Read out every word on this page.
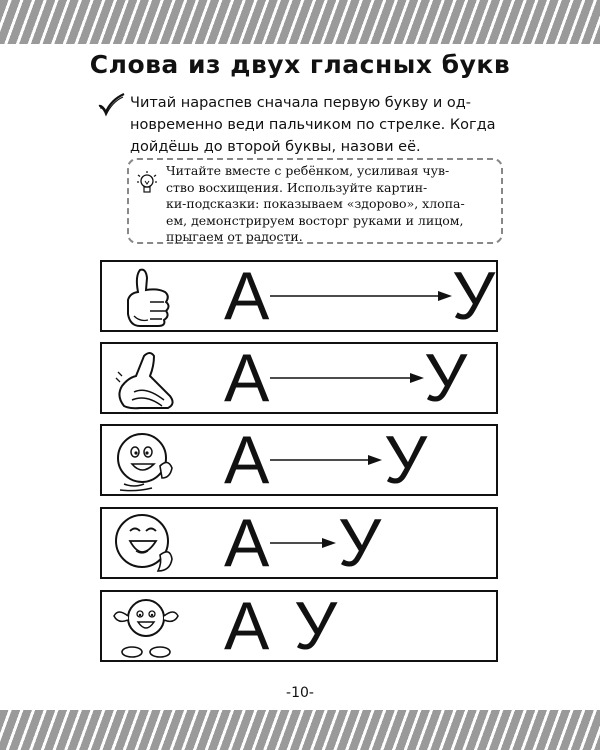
Слова из двух гласных букв
Читай нараспев сначала первую букву и од-
новременно веди пальчиком по стрелке. Когда
дойдёшь до второй буквы, назови её.
Читайте вместе с ребёнком, усиливая чув-
ство восхищения. Используйте картин-
ки-подсказки: показываем «здорово», хлопа-
ем, демонстрируем восторг руками и лицом,
прыгаем от радости.
А	У
А У
А У
А У
А У
-10-
